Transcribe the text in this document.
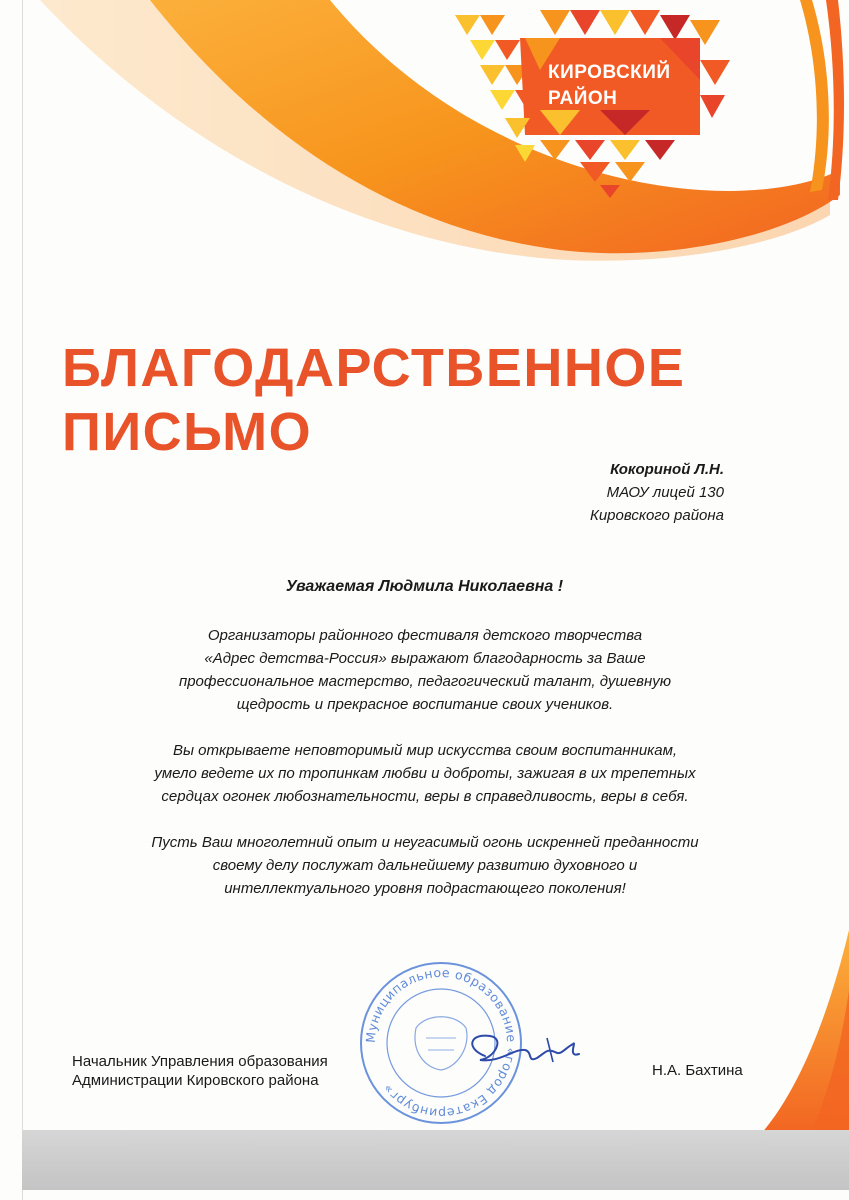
КИРОВСКИЙ
РАЙОН
БЛАГОДАРСТВЕННОЕ
ПИСЬМО
Кокориной Л.Н.
МАОУ лицей 130
Кировского района
Уважаемая Людмила Николаевна !

Организаторы районного фестиваля детского творчества
«Адрес детства-Россия» выражают благодарность за Ваше
профессиональное мастерство, педагогический талант, душевную
щедрость и прекрасное воспитание своих учеников.

Вы открываете неповторимый мир искусства своим воспитанникам,
умело ведете их по тропинкам любви и доброты, зажигая в их трепетных
сердцах огонек любознательности, веры в справедливость, веры в себя.

Пусть Ваш многолетний опыт и неугасимый огонь искренней преданности
своему делу послужат дальнейшему развитию духовного и
интеллектуального уровня подрастающего поколения!

Муниципальное образование «город Екатеринбург»
Начальник Управления образования
Администрации Кировского района
Н.А. Бахтина
